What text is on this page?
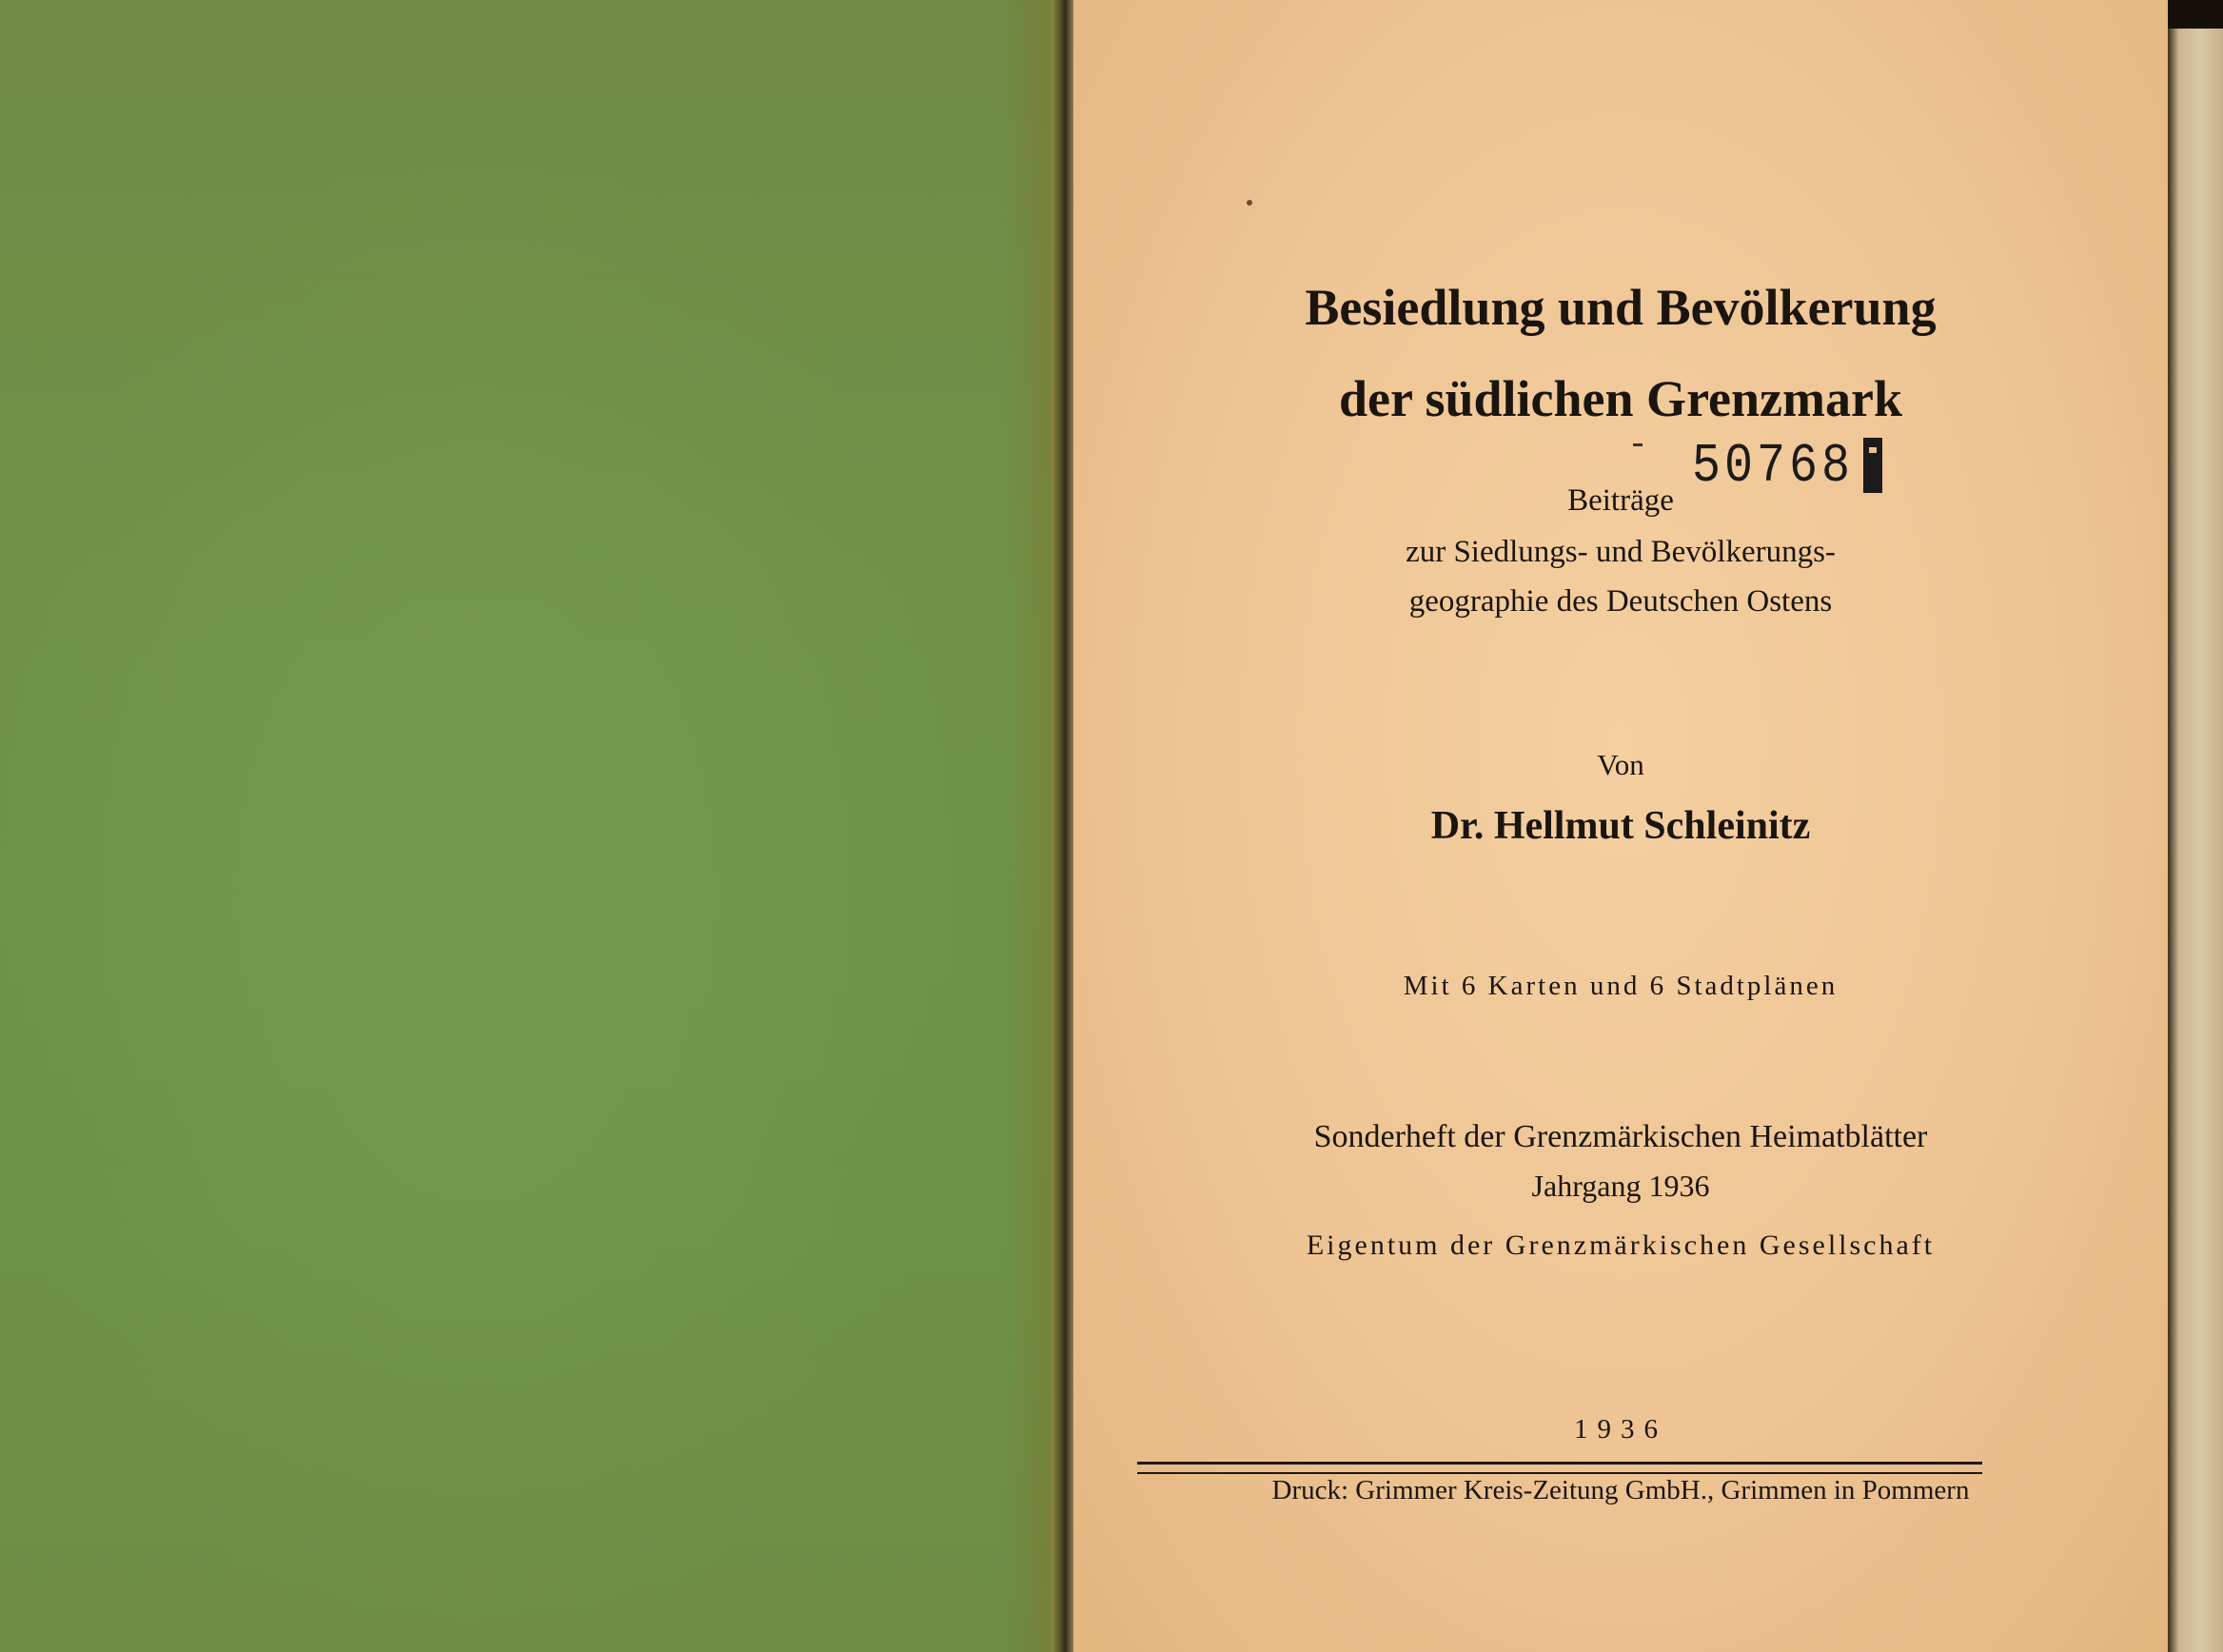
Besiedlung und Bevölkerung
der südlichen Grenzmark
50768
Beiträge
zur Siedlungs- und Bevölkerungs-
geographie des Deutschen Ostens
Von
Dr. Hellmut Schleinitz
Mit 6 Karten und 6 Stadtplänen
Sonderheft der Grenzmärkischen Heimatblätter
Jahrgang 1936
Eigentum der Grenzmärkischen Gesellschaft
1936
Druck: Grimmer Kreis-Zeitung GmbH., Grimmen in Pommern
